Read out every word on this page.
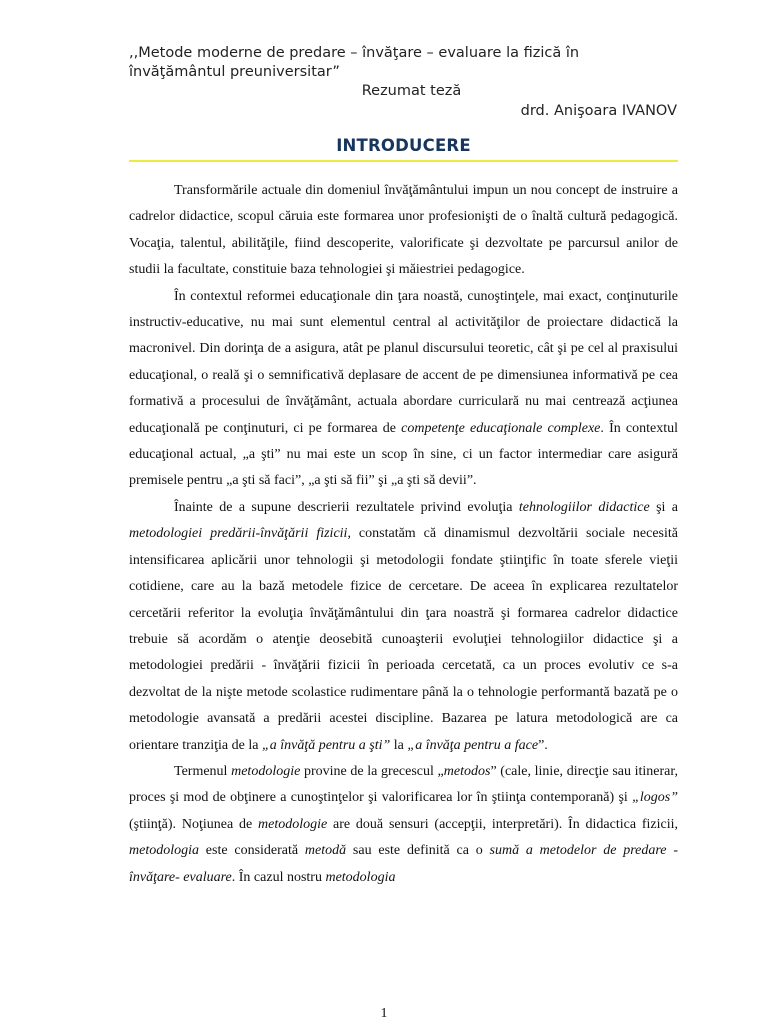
,,Metode moderne de predare – învăţare – evaluare la fizică în învăţământul preuniversitar”
Rezumat teză
drd. Anişoara IVANOV
INTRODUCERE

Transformările actuale din domeniul învăţământului impun un nou concept de instruire a cadrelor didactice, scopul căruia este formarea unor profesionişti de o înaltă cultură pedagogică. Vocaţia, talentul, abilităţile, fiind descoperite, valorificate şi dezvoltate pe parcursul anilor de studii la facultate, constituie baza tehnologiei şi măiestriei pedagogice.

În contextul reformei educaţionale din ţara noastă, cunoştinţele, mai exact, conţinuturile instructiv-educative, nu mai sunt elementul central al activităţilor de proiectare didactică la macronivel. Din dorinţa de a asigura, atât pe planul discursului teoretic, cât şi pe cel al praxisului educaţional, o reală şi o semnificativă deplasare de accent de pe dimensiunea informativă pe cea formativă a procesului de învăţământ, actuala abordare curriculară nu mai centrează acţiunea educaţională pe conţinuturi, ci pe formarea de competenţe educaţionale complexe. În contextul educaţional actual, „a şti” nu mai este un scop în sine, ci un factor intermediar care asigură premisele pentru „a şti să faci”, „a şti să fii” şi „a şti să devii”.

Înainte de a supune descrierii rezultatele privind evoluţia tehnologiilor didactice şi a metodologiei predării-învăţării fizicii, constatăm că dinamismul dezvoltării sociale necesită intensificarea aplicării unor tehnologii şi metodologii fondate ştiinţific în toate sferele vieţii cotidiene, care au la bază metodele fizice de cercetare. De aceea în explicarea rezultatelor cercetării referitor la evoluţia învăţământului din ţara noastră şi formarea cadrelor didactice trebuie să acordăm o atenţie deosebită cunoaşterii evoluţiei tehnologiilor didactice şi a metodologiei predării - învăţării fizicii în perioada cercetată, ca un proces evolutiv ce s-a dezvoltat de la nişte metode scolastice rudimentare până la o tehnologie performantă bazată pe o metodologie avansată a predării acestei discipline. Bazarea pe latura metodologică are ca orientare tranziţia de la „a învăţă pentru a şti” la „a învăţa pentru a face”.

Termenul metodologie provine de la grecescul „metodos” (cale, linie, direcţie sau itinerar, proces şi mod de obţinere a cunoştinţelor şi valorificarea lor în ştiinţa contemporană) şi „logos” (ştiinţă). Noţiunea de metodologie are două sensuri (accepţii, interpretări). În didactica fizicii, metodologia este considerată metodă sau este definită ca o sumă a metodelor de predare - învăţare- evaluare. În cazul nostru metodologia

1
